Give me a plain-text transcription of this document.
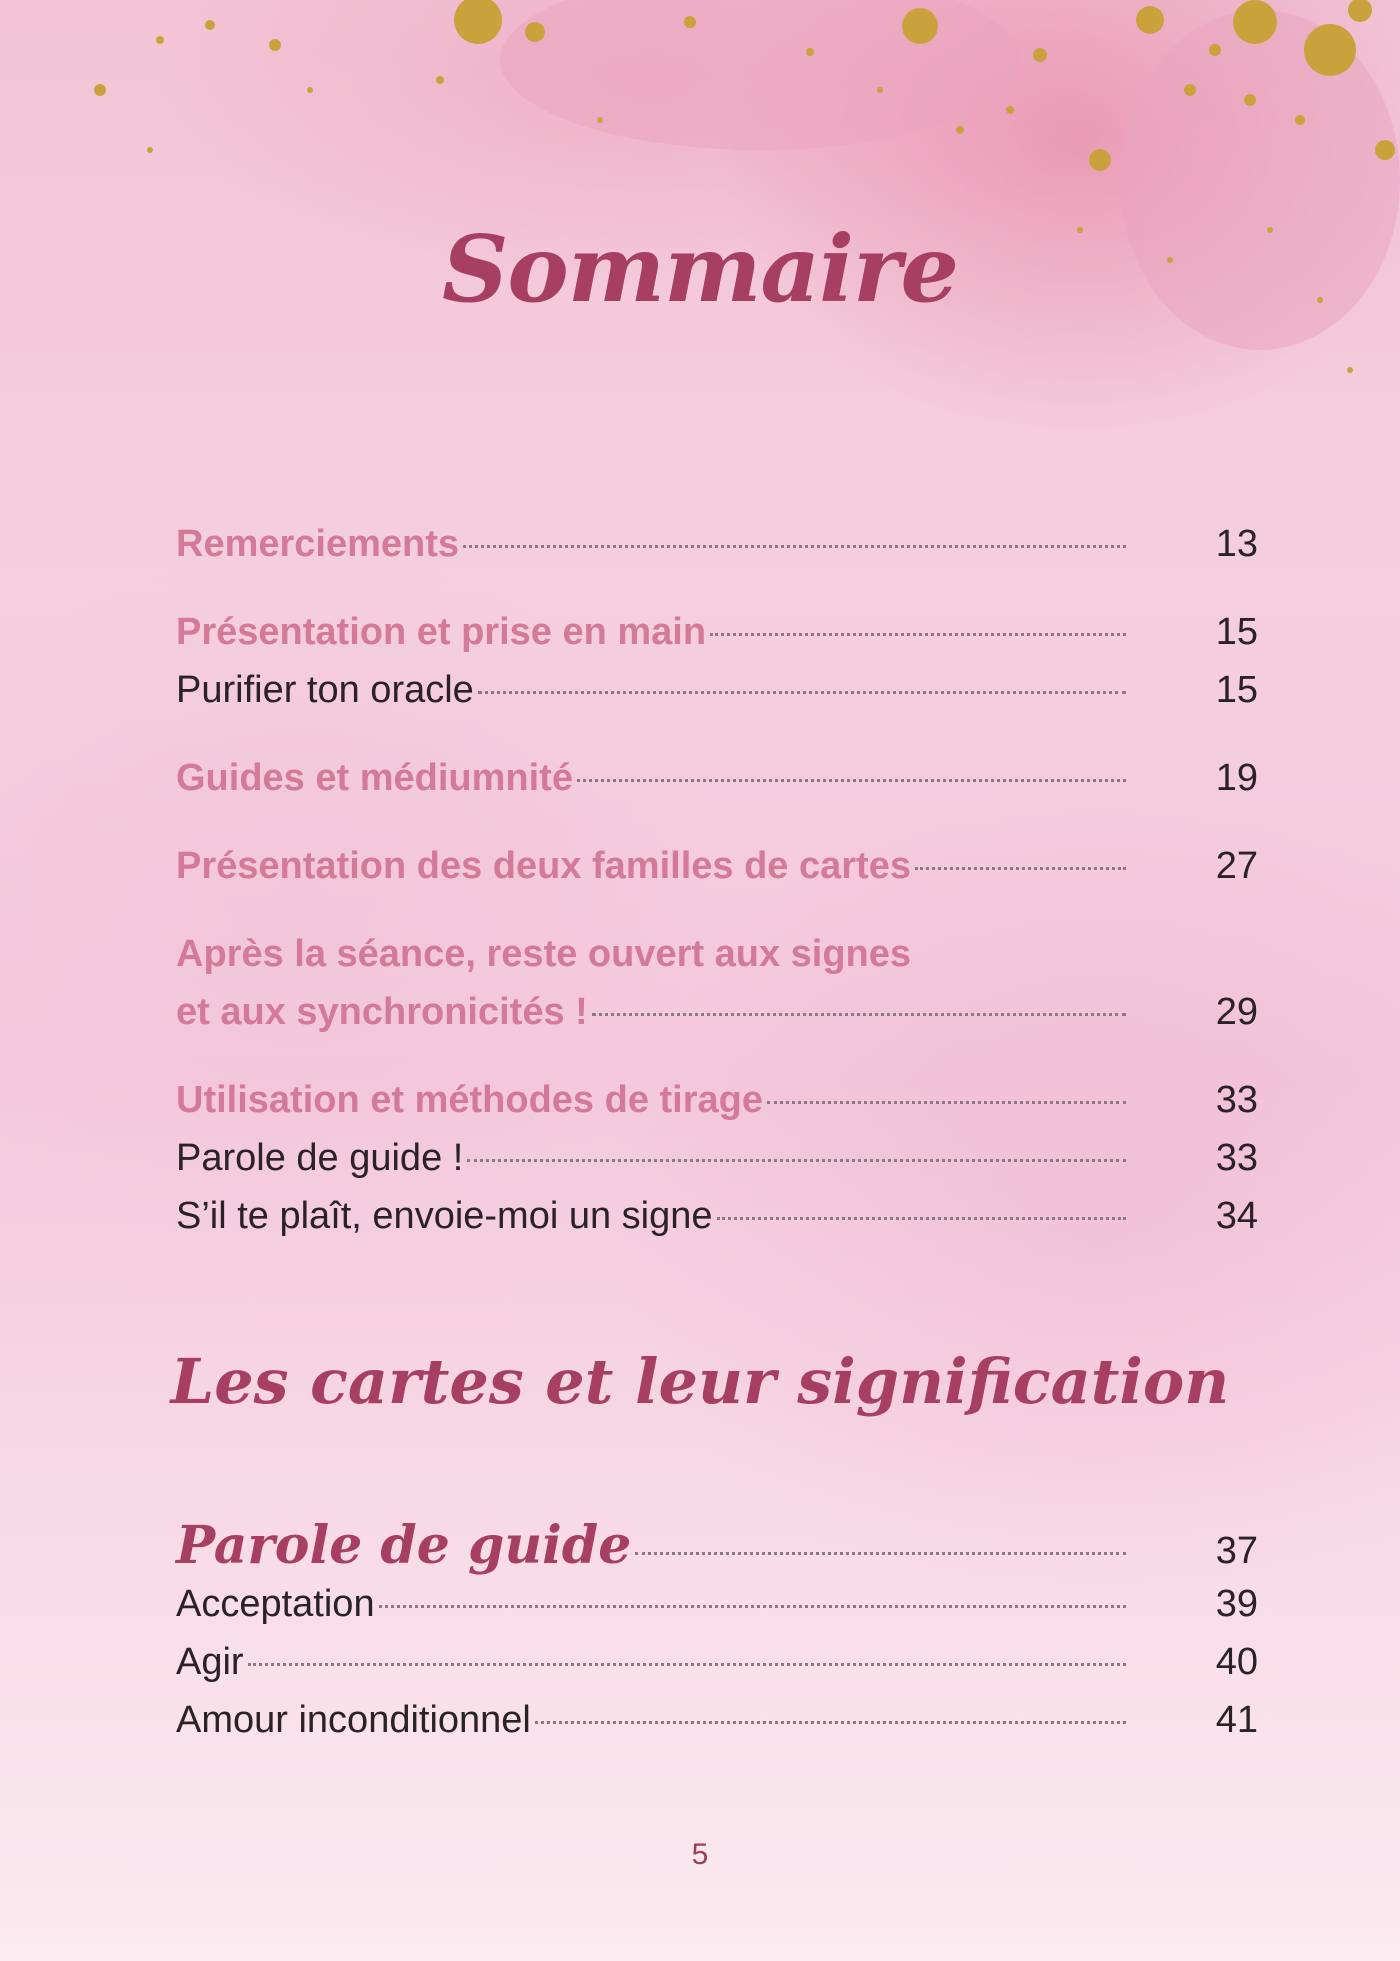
Sommaire
Remerciements	13
Présentation et prise en main	15
Purifier ton oracle	15
Guides et médiumnité	19
Présentation des deux familles de cartes	27
Après la séance, reste ouvert aux signes
et aux synchronicités !	29
Utilisation et méthodes de tirage	33
Parole de guide !	33
S’il te plaît, envoie-moi un signe	34
Les cartes et leur signification
Parole de guide	37
Acceptation	39
Agir	40
Amour inconditionnel	41
5
